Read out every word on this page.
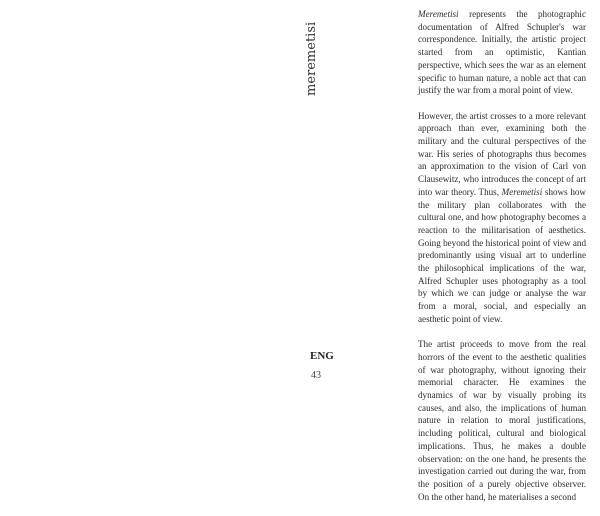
meremetisi
ENG
43

Meremetisi represents the photographic documentation of Alfred Schupler's war correspondence. Initially, the artistic project started from an optimistic, Kantian perspective, which sees the war as an element specific to human nature, a noble act that can justify the war from a moral point of view.

However, the artist crosses to a more relevant approach than ever, examining both the military and the cultural perspectives of the war. His series of photographs thus becomes an approximation to the vision of Carl von Clausewitz, who introduces the concept of art into war theory. Thus, Meremetisi shows how the military plan collaborates with the cultural one, and how photography becomes a reaction to the militarisation of aesthetics. Going beyond the historical point of view and predominantly using visual art to underline the philosophical implications of the war, Alfred Schupler uses photography as a tool by which we can judge or analyse the war from a moral, social, and especially an aesthetic point of view.

The artist proceeds to move from the real horrors of the event to the aesthetic qualities of war photography, without ignoring their memorial character. He examines the dynamics of war by visually probing its causes, and also, the implications of human nature in relation to moral justifications, including political, cultural and biological implications. Thus, he makes a double observation: on the one hand, he presents the investigation carried out during the war, from the position of a purely objective observer. On the other hand, he materialises a second
